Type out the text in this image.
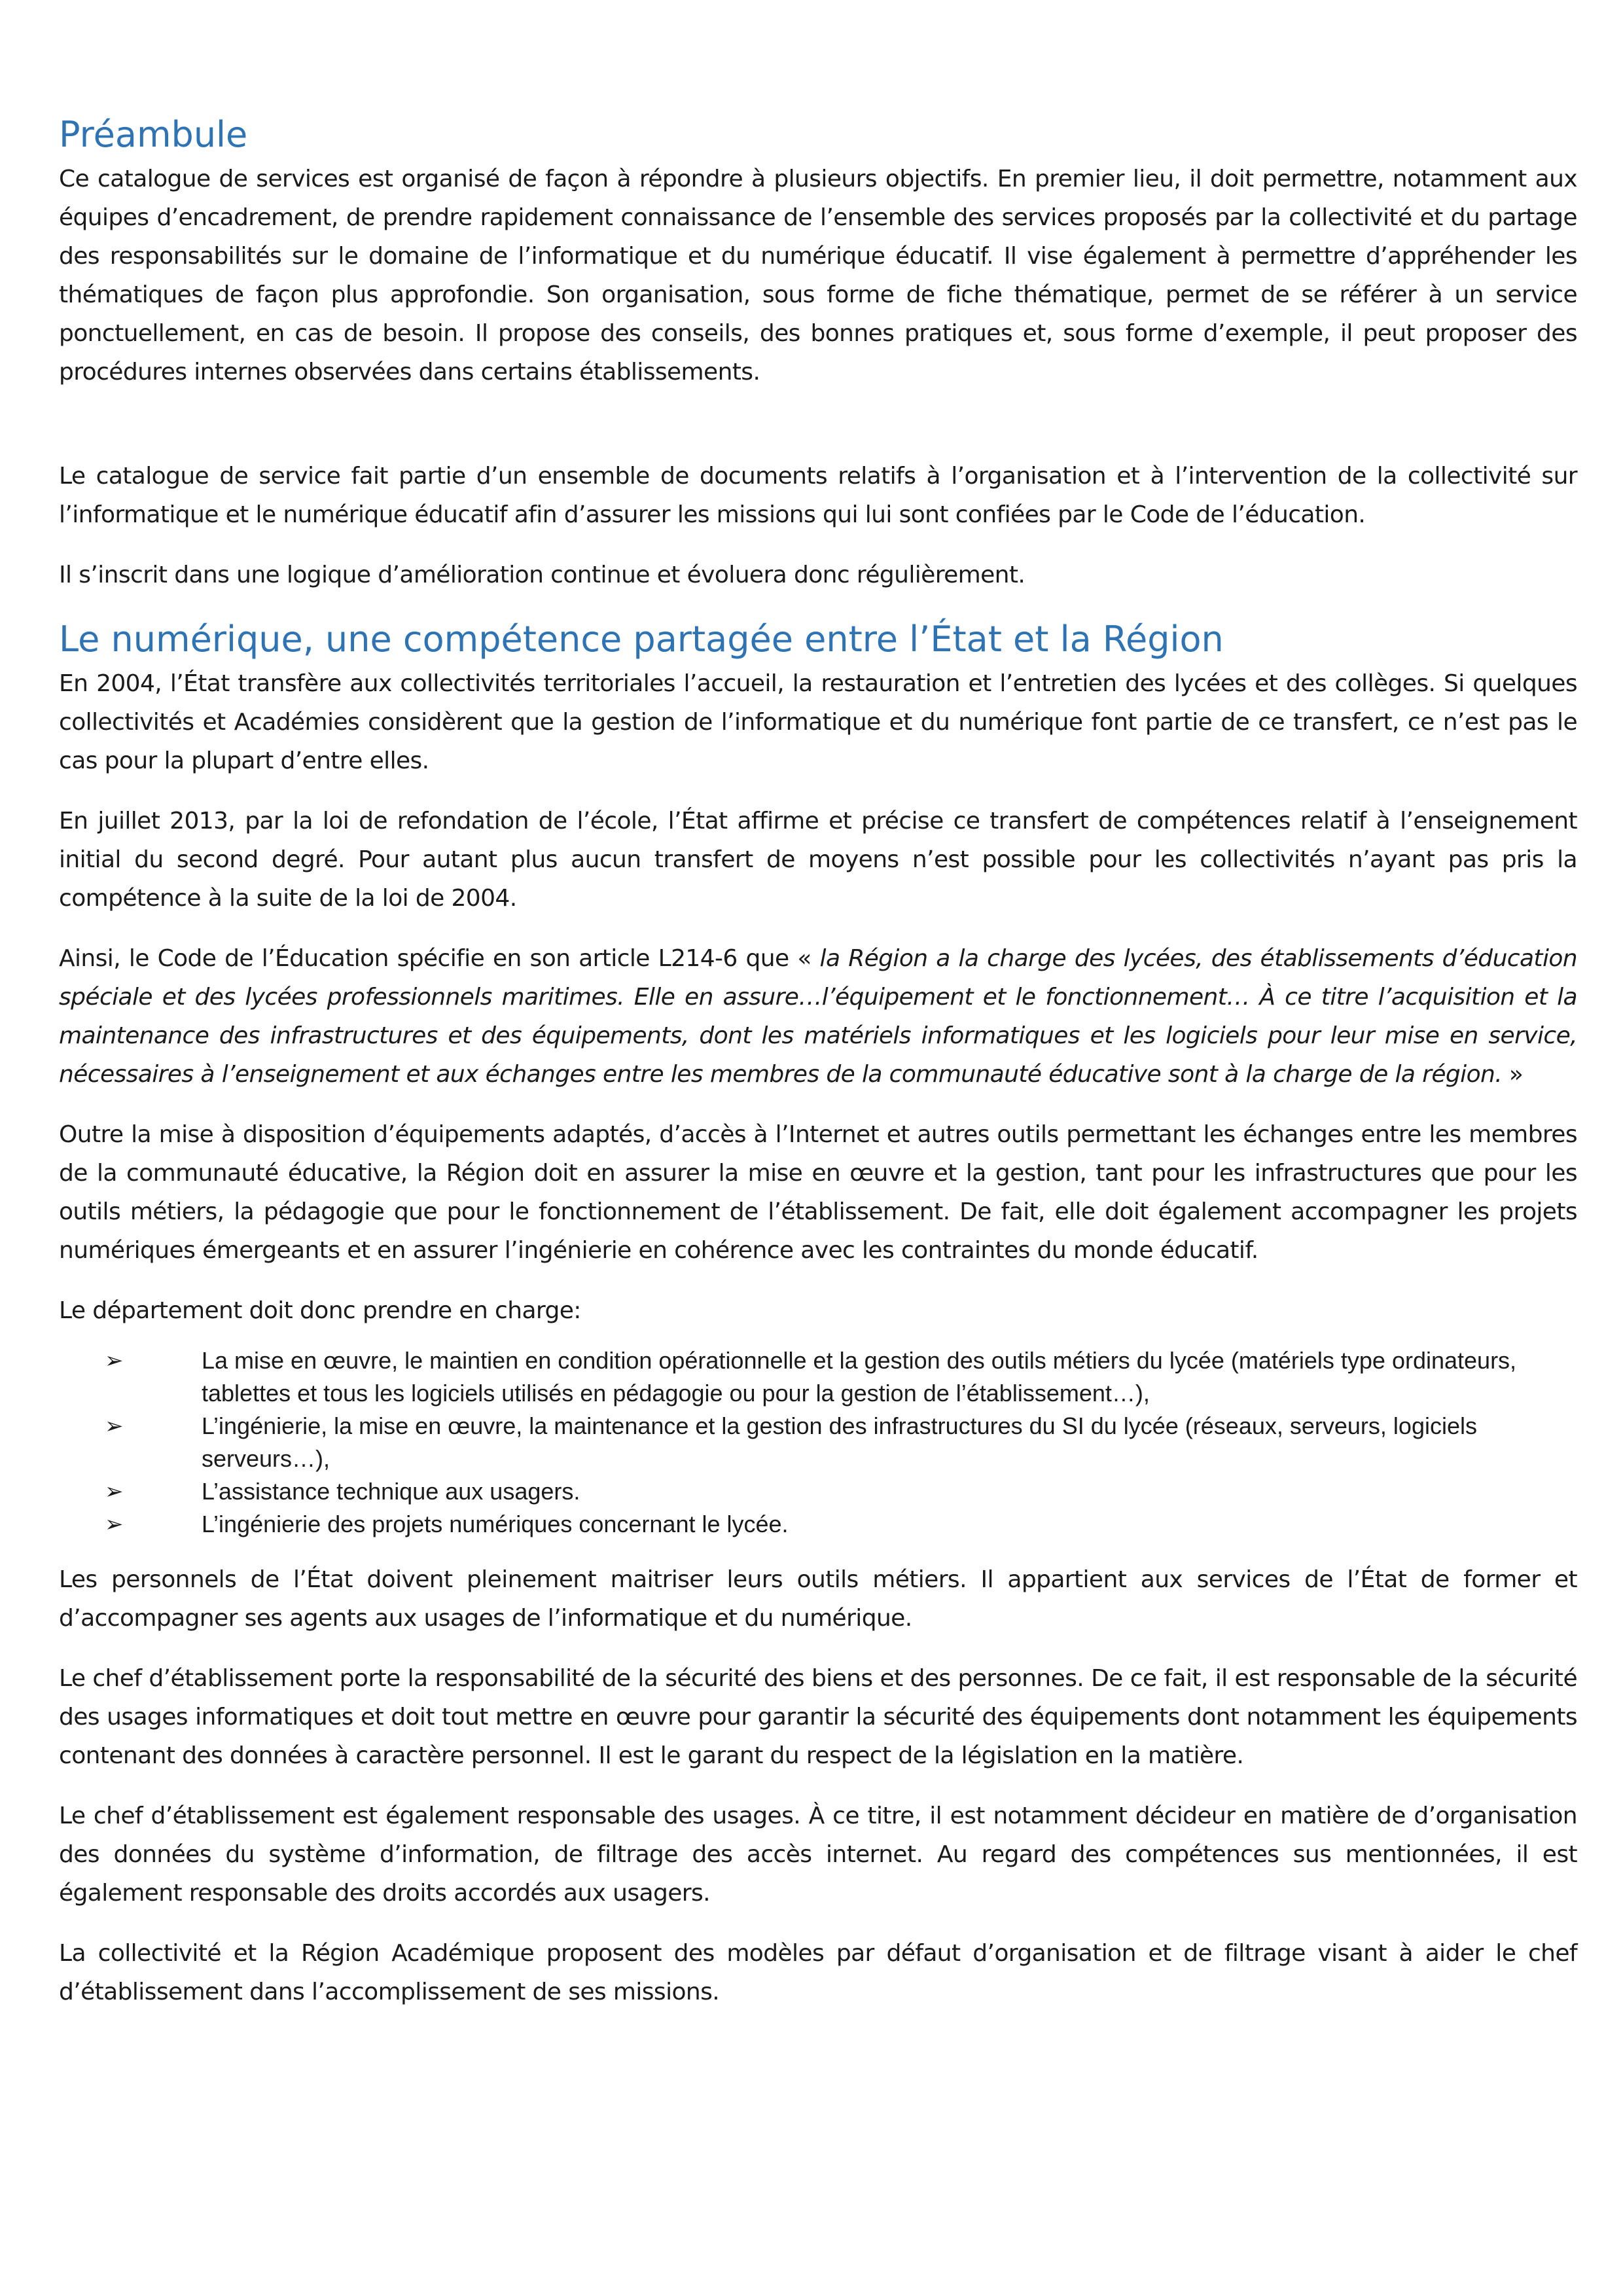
Préambule

Ce catalogue de services est organisé de façon à répondre à plusieurs objectifs. En premier lieu, il doit permettre, notamment aux équipes d’encadrement, de prendre rapidement connaissance de l’ensemble des services proposés par la collectivité et du partage des responsabilités sur le domaine de l’informatique et du numérique éducatif. Il vise également à permettre d’appréhender les thématiques de façon plus approfondie. Son organisation, sous forme de fiche thématique, permet de se référer à un service ponctuellement, en cas de besoin. Il propose des conseils, des bonnes pratiques et, sous forme d’exemple, il peut proposer des procédures internes observées dans certains établissements.

Le catalogue de service fait partie d’un ensemble de documents relatifs à l’organisation et à l’intervention de la collectivité sur l’informatique et le numérique éducatif afin d’assurer les missions qui lui sont confiées par le Code de l’éducation.

Il s’inscrit dans une logique d’amélioration continue et évoluera donc régulièrement.

Le numérique, une compétence partagée entre l’État et la Région

En 2004, l’État transfère aux collectivités territoriales l’accueil, la restauration et l’entretien des lycées et des collèges. Si quelques collectivités et Académies considèrent que la gestion de l’informatique et du numérique font partie de ce transfert, ce n’est pas le cas pour la plupart d’entre elles.

En juillet 2013, par la loi de refondation de l’école, l’État affirme et précise ce transfert de compétences relatif à l’enseignement initial du second degré. Pour autant plus aucun transfert de moyens n’est possible pour les collectivités n’ayant pas pris la compétence à la suite de la loi de 2004.

Ainsi, le Code de l’Éducation spécifie en son article L214-6 que « la Région a la charge des lycées, des établissements d’éducation spéciale et des lycées professionnels maritimes. Elle en assure…l’équipement et le fonctionnement… À ce titre l’acquisition et la maintenance des infrastructures et des équipements, dont les matériels informatiques et les logiciels pour leur mise en service, nécessaires à l’enseignement et aux échanges entre les membres de la communauté éducative sont à la charge de la région. »

Outre la mise à disposition d’équipements adaptés, d’accès à l’Internet et autres outils permettant les échanges entre les membres de la communauté éducative, la Région doit en assurer la mise en œuvre et la gestion, tant pour les infrastructures que pour les outils métiers, la pédagogie que pour le fonctionnement de l’établissement. De fait, elle doit également accompagner les projets numériques émergeants et en assurer l’ingénierie en cohérence avec les contraintes du monde éducatif.

Le département doit donc prendre en charge:

➢	La mise en œuvre, le maintien en condition opérationnelle et la gestion des outils métiers du lycée (matériels type ordinateurs, tablettes et tous les logiciels utilisés en pédagogie ou pour la gestion de l’établissement…),
➢	L’ingénierie, la mise en œuvre, la maintenance et la gestion des infrastructures du SI du lycée (réseaux, serveurs, logiciels serveurs…),
➢	L’assistance technique aux usagers.
➢	L’ingénierie des projets numériques concernant le lycée.

Les personnels de l’État doivent pleinement maitriser leurs outils métiers. Il appartient aux services de l’État de former et d’accompagner ses agents aux usages de l’informatique et du numérique.

Le chef d’établissement porte la responsabilité de la sécurité des biens et des personnes. De ce fait, il est responsable de la sécurité des usages informatiques et doit tout mettre en œuvre pour garantir la sécurité des équipements dont notamment les équipements contenant des données à caractère personnel. Il est le garant du respect de la législation en la matière.

Le chef d’établissement est également responsable des usages. À ce titre, il est notamment décideur en matière de d’organisation des données du système d’information, de filtrage des accès internet. Au regard des compétences sus mentionnées, il est également responsable des droits accordés aux usagers.

La collectivité et la Région Académique proposent des modèles par défaut d’organisation et de filtrage visant à aider le chef d’établissement dans l’accomplissement de ses missions.
